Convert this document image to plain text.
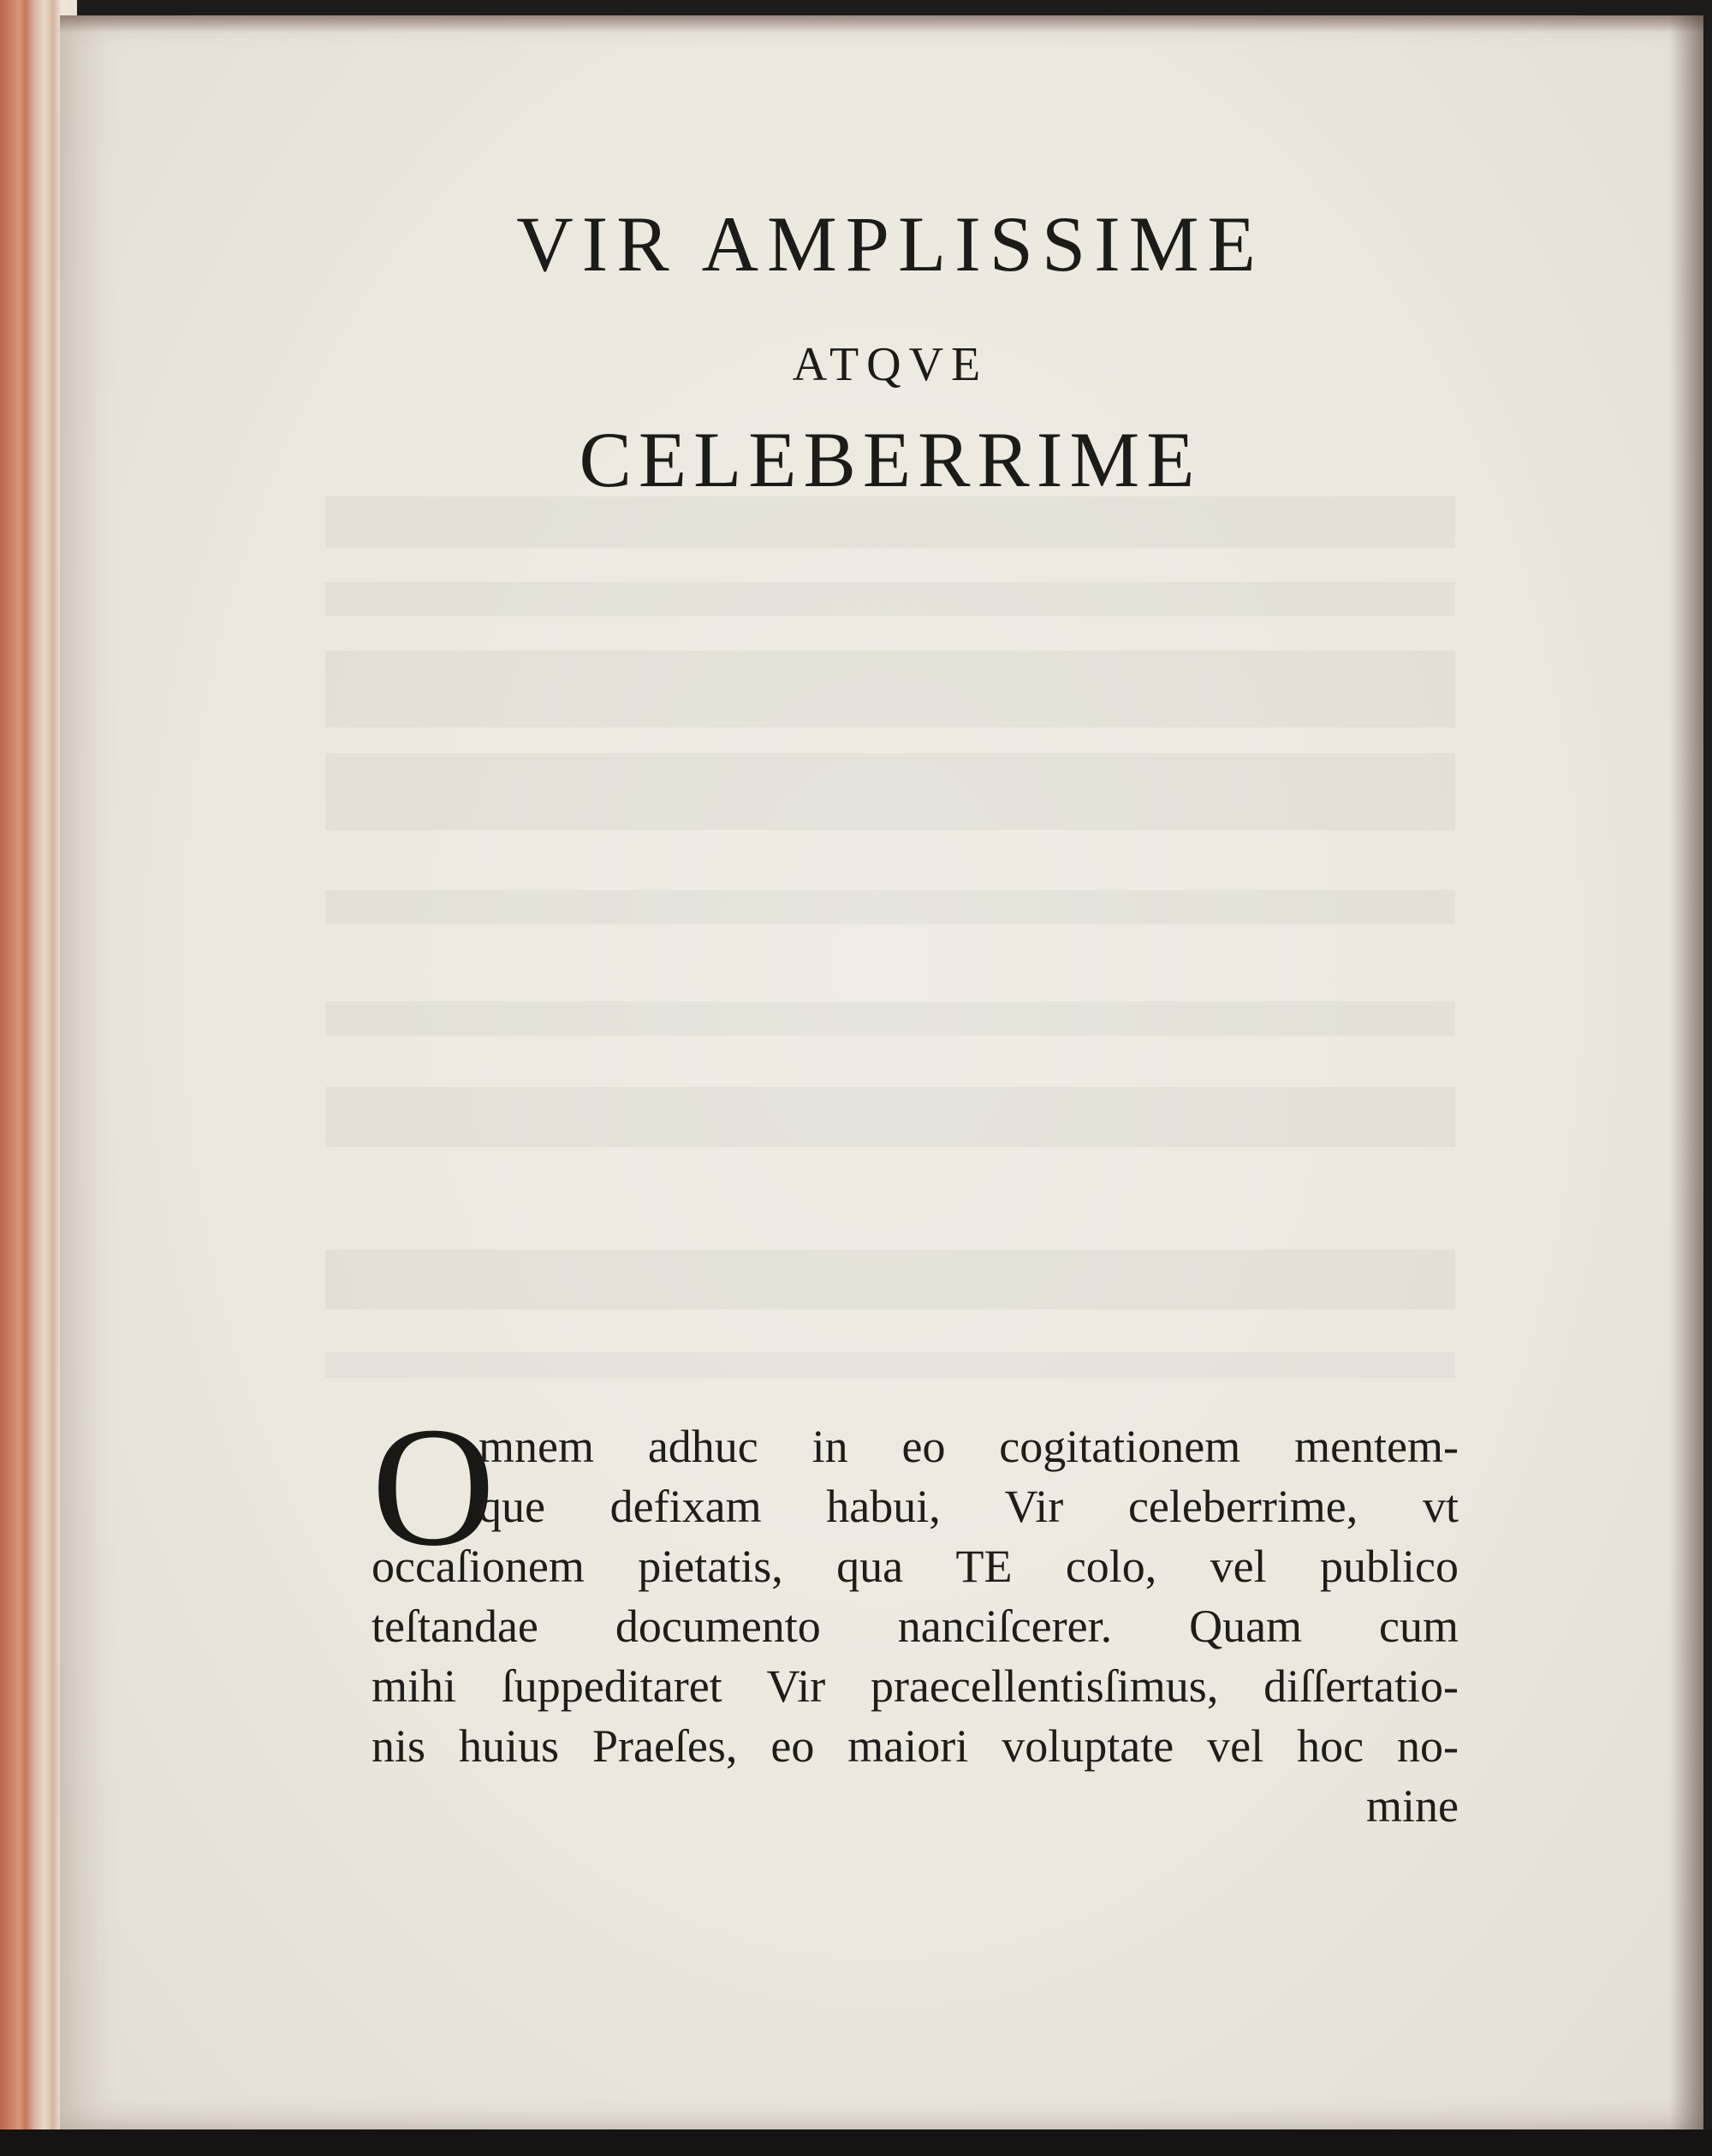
VIR AMPLISSIME
ATQVE
CELEBERRIME
O
mnem adhuc in eo cogitationem mentem-
que defixam habui, Vir celeberrime, vt
occaſionem pietatis, qua TE colo, vel publico
teſtandae documento nanciſcerer. Quam cum
mihi ſuppeditaret Vir praecellentisſimus, diſſertatio-
nis huius Praeſes, eo maiori voluptate vel hoc no-
mine
